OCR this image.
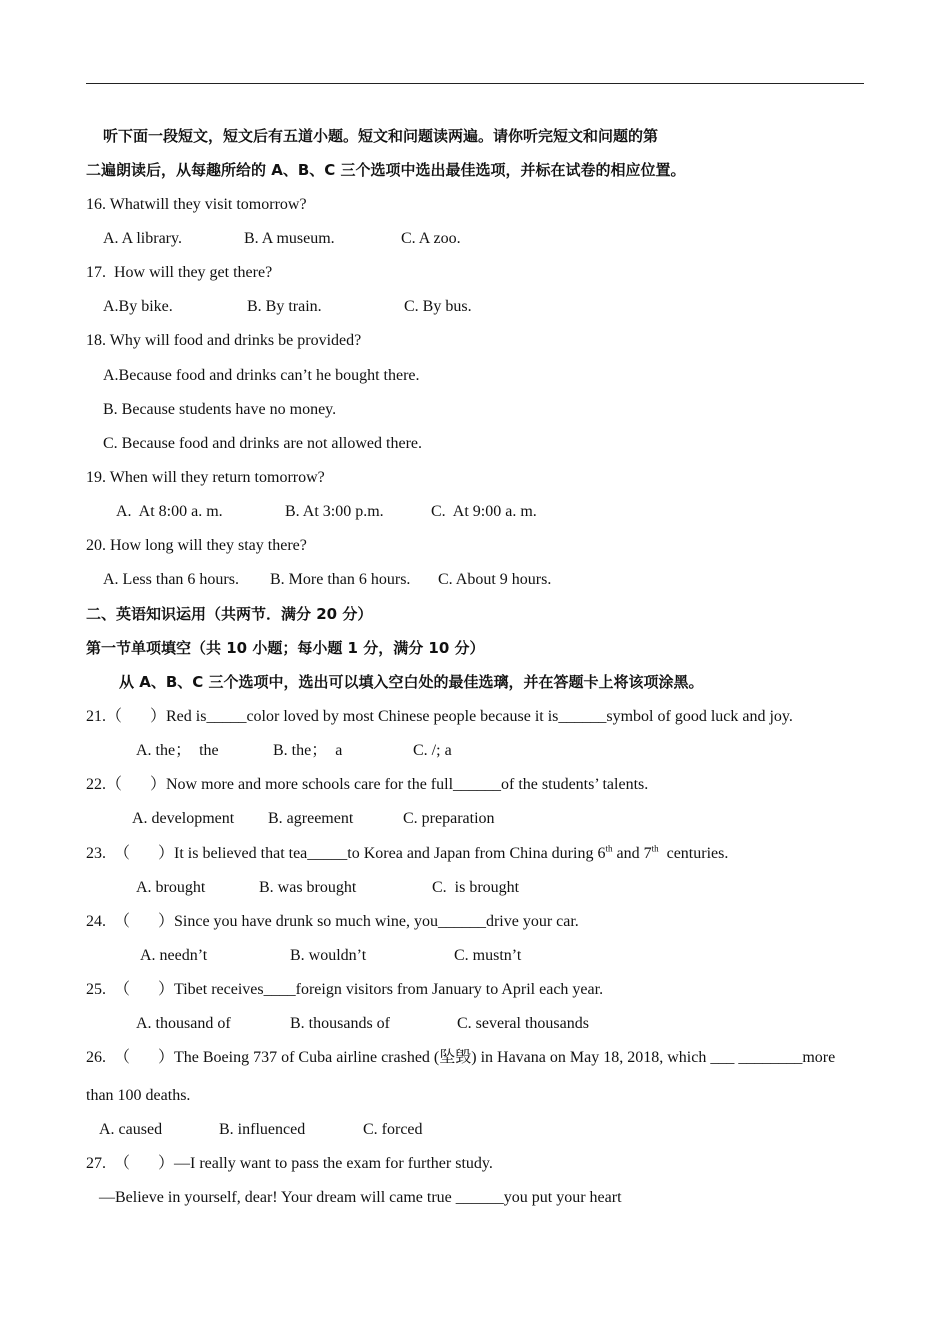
听下面一段短文，短文后有五道小题。短文和问题读两遍。请你听完短文和问题的第
二遍朗读后，从每趣所给的 A、B、C 三个选项中选出最佳选项，并标在试卷的相应位置。
16. Whatwill they visit tomorrow?
A. A library.	B. A museum.	C. A zoo.
17.  How will they get there?
A.By bike.	B. By train.	C. By bus.
18. Why will food and drinks be provided?
A.Because food and drinks can’t he bought there.
B. Because students have no money.
C. Because food and drinks are not allowed there.
19. When will they return tomorrow?
A.  At 8:00 a. m.	B. At 3:00 p.m.	C.  At 9:00 a. m.
20. How long will they stay there?
A. Less than 6 hours. B. More than 6 hours. C. About 9 hours.
二、英语知识运用（共两节．满分 20 分）
第一节单项填空（共 10 小题；每小题 1 分，满分 10 分）
从 A、B、C 三个选项中，选出可以填入空白处的最佳选璃，并在答题卡上将该项涂黑。
21.（       ）Red is_____color loved by most Chinese people because it is______symbol of good luck and joy.
A. the；  the	B. the；  a	C. /; a
22.（       ）Now more and more schools care for the full______of the students’ talents.
A. development B. agreement	C. preparation
23.  （       ）It is believed that tea_____to Korea and Japan from China during 6th and 7th  centuries.
A. brought	B. was brought	C.  is brought
24.  （       ）Since you have drunk so much wine, you______drive your car.
A. needn’t	B. wouldn’t	C. mustn’t
25.  （       ）Tibet receives____foreign visitors from January to April each year.
A. thousand of	B. thousands of	C. several thousands
26.  （       ）The Boeing 737 of Cuba airline crashed (坠毁) in Havana on May 18, 2018, which ___ ________more
than 100 deaths.
A. caused	B. influenced	C. forced
27.  （       ）—I really want to pass the exam for further study.
—Believe in yourself, dear! Your dream will came true ______you put your heart
